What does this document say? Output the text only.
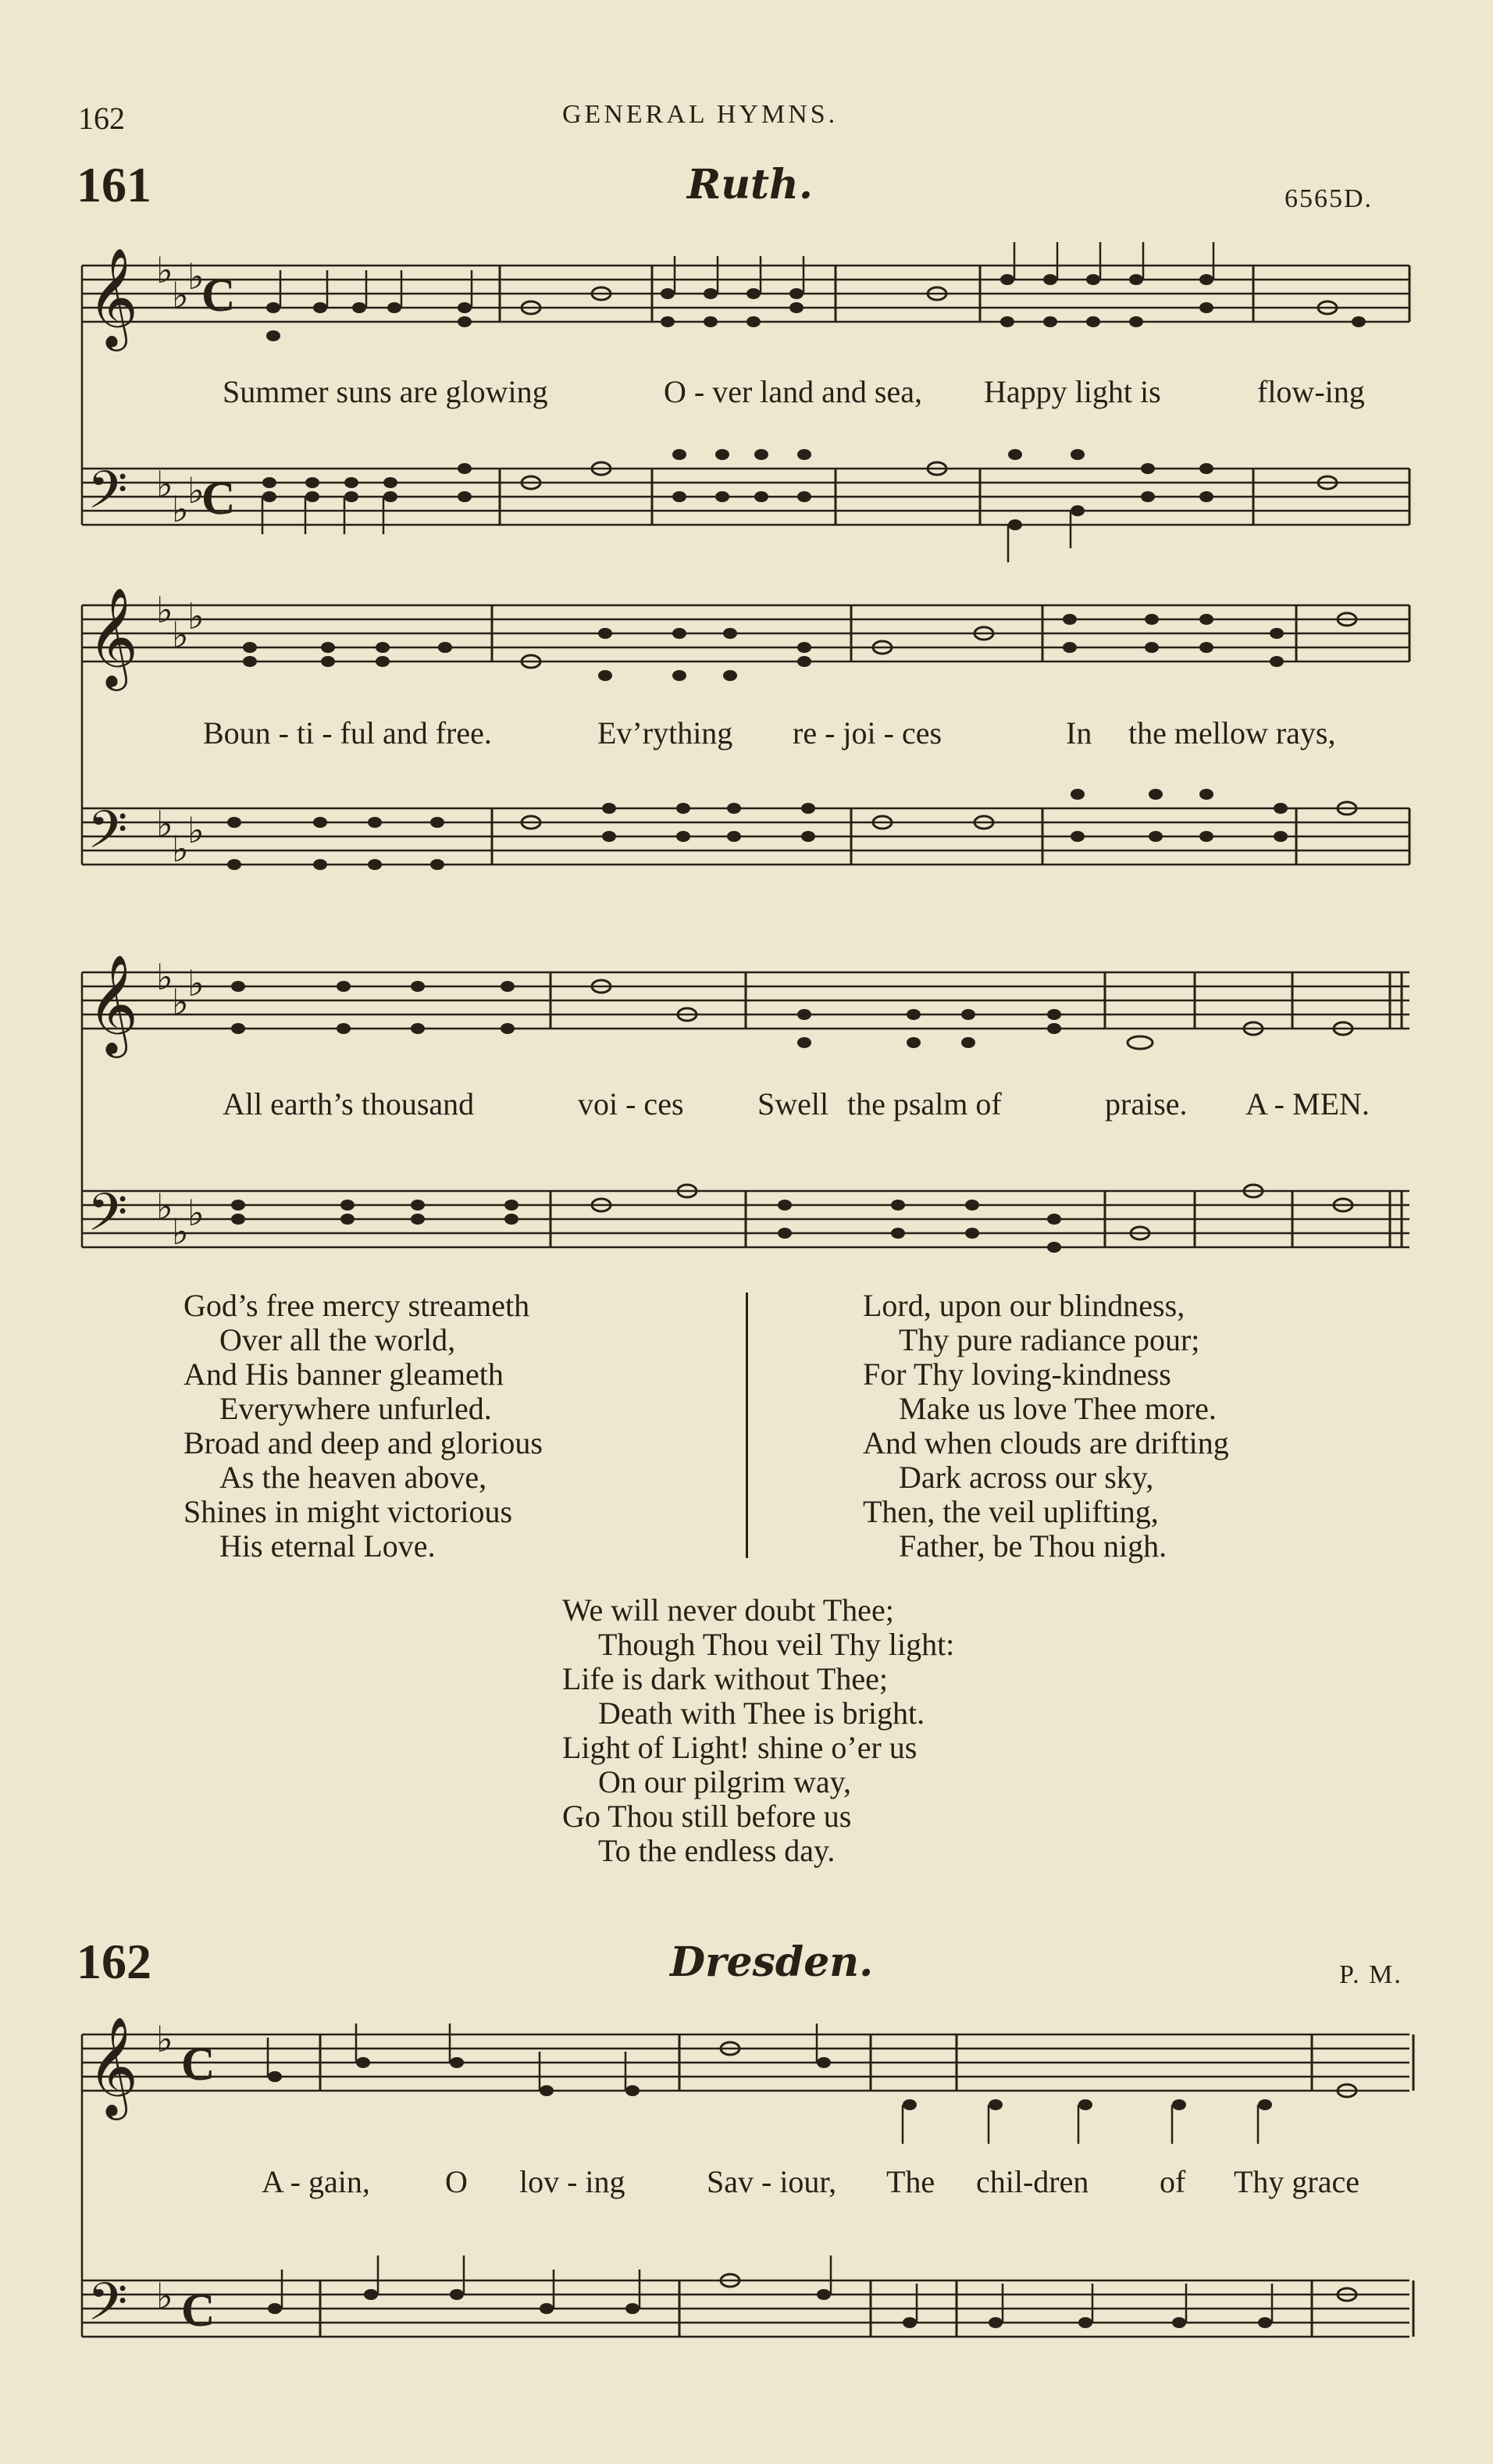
162	GENERAL HYMNS.
161	Ruth.	6565D.
𝄞
𝄢
𝄞
𝄢
𝄞
𝄢
𝄞
𝄢
♭
♭
♭
♭
♭
♭
♭
♭
♭
♭
♭
♭
♭
♭
♭
♭
♭
♭
♭
♭
C
C
C
C
Summer suns are glowing	O - ver land and sea, Happy light is	flow-ing
Boun - ti - ful and free.	Ev’rything re - joi - ces	In the mellow rays,
All earth’s thousand	voi - ces Swell the psalm of	praise. A - MEN.
God’s free mercy streameth
Over all the world,
And His banner gleameth
Everywhere unfurled.
Broad and deep and glorious
As the heaven above,
Shines in might victorious
His eternal Love.
Lord, upon our blindness,
Thy pure radiance pour;
For Thy loving-kindness
Make us love Thee more.
And when clouds are drifting
Dark across our sky,
Then, the veil uplifting,
Father, be Thou nigh.
We will never doubt Thee;
Though Thou veil Thy light:
Life is dark without Thee;
Death with Thee is bright.
Light of Light! shine o’er us
On our pilgrim way,
Go Thou still before us
To the endless day.
162	Dresden.	P. M.
A - gain, O lov - ing	Sav - iour, The chil-dren of Thy grace
